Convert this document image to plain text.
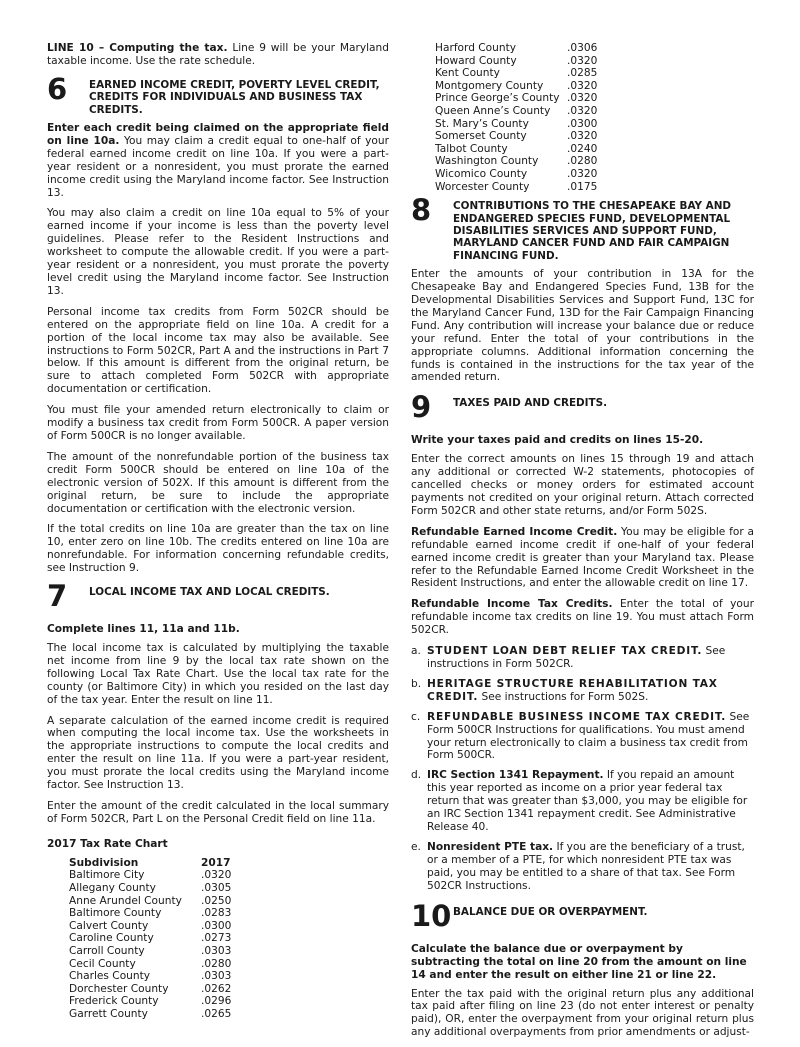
LINE 10 – Computing the tax. Line 9 will be your Maryland taxable income. Use the rate schedule.

6 EARNED INCOME CREDIT, POVERTY LEVEL CREDIT, CREDITS FOR INDIVIDUALS AND BUSINESS TAX CREDITS.

Enter each credit being claimed on the appropriate field on line 10a. You may claim a credit equal to one-half of your federal earned income credit on line 10a. If you were a part-year resident or a nonresident, you must prorate the earned income credit using the Maryland income factor. See Instruction 13.

You may also claim a credit on line 10a equal to 5% of your earned income if your income is less than the poverty level guidelines. Please refer to the Resident Instructions and worksheet to compute the allowable credit. If you were a part-year resident or a nonresident, you must prorate the poverty level credit using the Maryland income factor. See Instruction 13.

Personal income tax credits from Form 502CR should be entered on the appropriate field on line 10a. A credit for a portion of the local income tax may also be available. See instructions to Form 502CR, Part A and the instructions in Part 7 below. If this amount is different from the original return, be sure to attach completed Form 502CR with appropriate documentation or certification.

You must file your amended return electronically to claim or modify a business tax credit from Form 500CR. A paper version of Form 500CR is no longer available.

The amount of the nonrefundable portion of the business tax credit Form 500CR should be entered on line 10a of the electronic version of 502X. If this amount is different from the original return, be sure to include the appropriate documentation or certification with the electronic version.

If the total credits on line 10a are greater than the tax on line 10, enter zero on line 10b. The credits entered on line 10a are nonrefundable. For information concerning refundable credits, see Instruction 9.

7 LOCAL INCOME TAX AND LOCAL CREDITS.
Complete lines 11, 11a and 11b.

The local income tax is calculated by multiplying the taxable net income from line 9 by the local tax rate shown on the following Local Tax Rate Chart. Use the local tax rate for the county (or Baltimore City) in which you resided on the last day of the tax year. Enter the result on line 11.

A separate calculation of the earned income credit is required when computing the local income tax. Use the worksheets in the appropriate instructions to compute the local credits and enter the result on line 11a. If you were a part-year resident, you must prorate the local credits using the Maryland income factor. See Instruction 13.

Enter the amount of the credit calculated in the local summary of Form 502CR, Part L on the Personal Credit field on line 11a.

2017 Tax Rate Chart
Subdivision	2017
Baltimore City	.0320
Allegany County	.0305
Anne Arundel County	.0250
Baltimore County	.0283
Calvert County	.0300
Caroline County	.0273
Carroll County	.0303
Cecil County	.0280
Charles County	.0303
Dorchester County	.0262
Frederick County	.0296
Garrett County	.0265
Harford County	.0306
Howard County	.0320
Kent County	.0285
Montgomery County	.0320
Prince George’s County	.0320
Queen Anne’s County	.0320
St. Mary’s County	.0300
Somerset County	.0320
Talbot County	.0240
Washington County	.0280
Wicomico County	.0320
Worcester County	.0175
8 CONTRIBUTIONS TO THE CHESAPEAKE BAY AND ENDANGERED SPECIES FUND, DEVELOPMENTAL DISABILITIES SERVICES AND SUPPORT FUND, MARYLAND CANCER FUND AND FAIR CAMPAIGN FINANCING FUND.

Enter the amounts of your contribution in 13A for the Chesapeake Bay and Endangered Species Fund, 13B for the Developmental Disabilities Services and Support Fund, 13C for the Maryland Cancer Fund, 13D for the Fair Campaign Financing Fund. Any contribution will increase your balance due or reduce your refund. Enter the total of your contributions in the appropriate columns. Additional information concerning the funds is contained in the instructions for the tax year of the amended return.

9 TAXES PAID AND CREDITS.
Write your taxes paid and credits on lines 15-20.

Enter the correct amounts on lines 15 through 19 and attach any additional or corrected W-2 statements, photocopies of cancelled checks or money orders for estimated account payments not credited on your original return. Attach corrected Form 502CR and other state returns, and/or Form 502S.

Refundable Earned Income Credit. You may be eligible for a refundable earned income credit if one-half of your federal earned income credit is greater than your Maryland tax. Please refer to the Refundable Earned Income Credit Worksheet in the Resident Instructions, and enter the allowable credit on line 17.

Refundable Income Tax Credits. Enter the total of your refundable income tax credits on line 19. You must attach Form 502CR.

a. STUDENT LOAN DEBT RELIEF TAX CREDIT. See instructions in Form 502CR.
b. HERITAGE STRUCTURE REHABILITATION TAX CREDIT. See instructions for Form 502S.
c. REFUNDABLE BUSINESS INCOME TAX CREDIT. See Form 500CR Instructions for qualifications. You must amend your return electronically to claim a business tax credit from Form 500CR.
d. IRC Section 1341 Repayment. If you repaid an amount this year reported as income on a prior year federal tax return that was greater than $3,000, you may be eligible for an IRC Section 1341 repayment credit. See Administrative Release 40.
e. Nonresident PTE tax. If you are the beneficiary of a trust, or a member of a PTE, for which nonresident PTE tax was paid, you may be entitled to a share of that tax. See Form 502CR Instructions.
10 BALANCE DUE OR OVERPAYMENT.
Calculate the balance due or overpayment by subtracting the total on line 20 from the amount on line 14 and enter the result on either line 21 or line 22.

Enter the tax paid with the original return plus any additional tax paid after filing on line 23 (do not enter interest or penalty paid), OR, enter the overpayment from your original return plus any additional overpayments from prior amendments or adjust-
